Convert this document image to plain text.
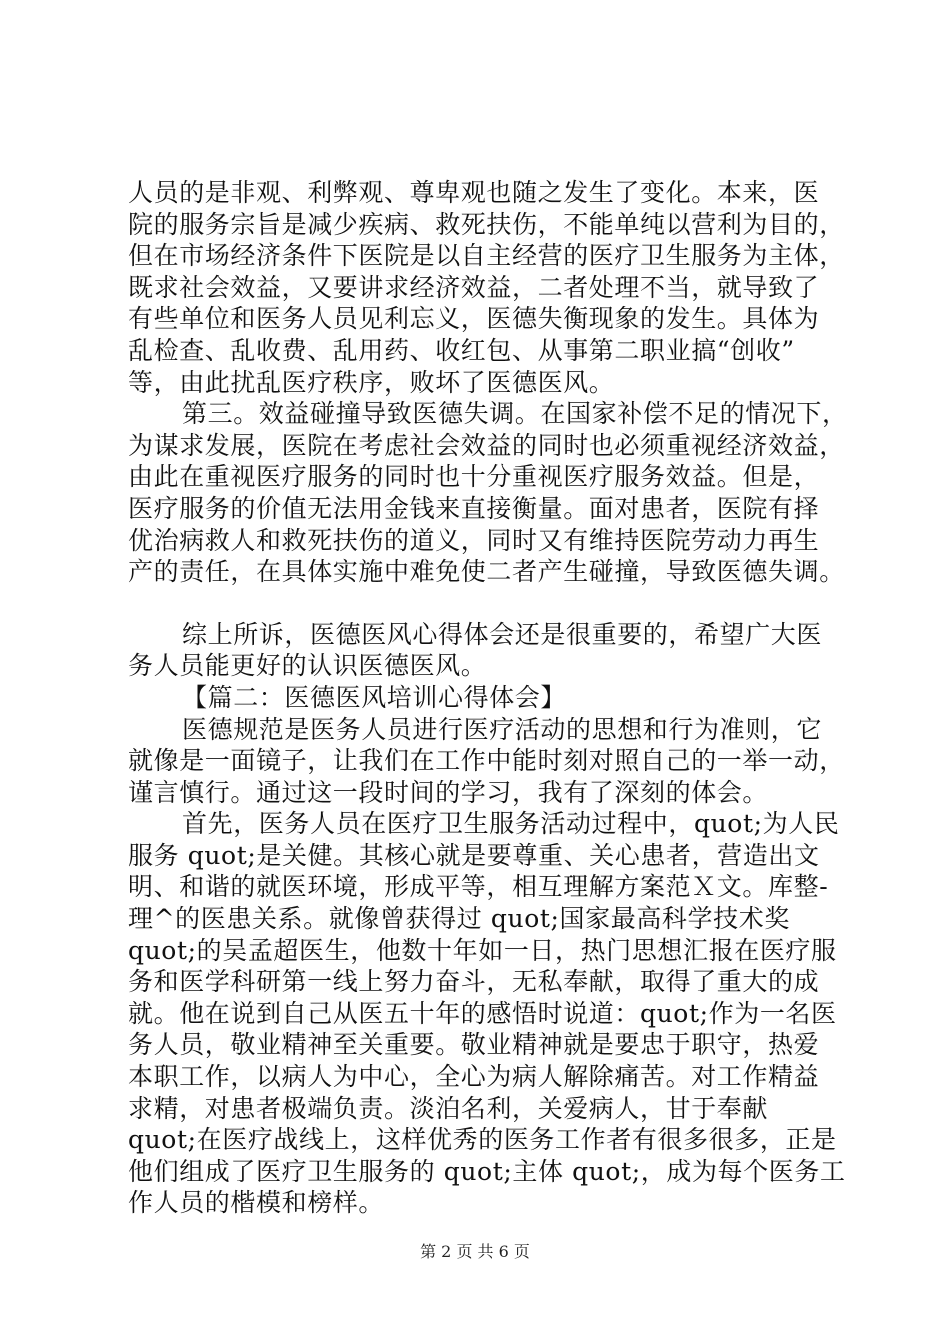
人员的是非观、利弊观、尊卑观也随之发生了变化。本来，医
院的服务宗旨是减少疾病、救死扶伤，不能单纯以营利为目的，
但在市场经济条件下医院是以自主经营的医疗卫生服务为主体，
既求社会效益，又要讲求经济效益，二者处理不当，就导致了
有些单位和医务人员见利忘义，医德失衡现象的发生。具体为
乱检查、乱收费、乱用药、收红包、从事第二职业搞“创收”
等，由此扰乱医疗秩序，败坏了医德医风。
第三。效益碰撞导致医德失调。在国家补偿不足的情况下，
为谋求发展，医院在考虑社会效益的同时也必须重视经济效益，
由此在重视医疗服务的同时也十分重视医疗服务效益。但是，
医疗服务的价值无法用金钱来直接衡量。面对患者，医院有择
优治病救人和救死扶伤的道义，同时又有维持医院劳动力再生
产的责任，在具体实施中难免使二者产生碰撞，导致医德失调。
综上所诉，医德医风心得体会还是很重要的，希望广大医
务人员能更好的认识医德医风。
【篇二：医德医风培训心得体会】
医德规范是医务人员进行医疗活动的思想和行为准则，它
就像是一面镜子，让我们在工作中能时刻对照自己的一举一动，
谨言慎行。通过这一段时间的学习，我有了深刻的体会。
首先，医务人员在医疗卫生服务活动过程中，quot;为人民
服务 quot;是关健。其核心就是要尊重、关心患者，营造出文
明、和谐的就医环境，形成平等，相互理解方案范Ｘ文。库整-
理^的医患关系。就像曾获得过 quot;国家最高科学技术奖
quot;的吴孟超医生，他数十年如一日，热门思想汇报在医疗服
务和医学科研第一线上努力奋斗，无私奉献，取得了重大的成
就。他在说到自己从医五十年的感悟时说道：quot;作为一名医
务人员，敬业精神至关重要。敬业精神就是要忠于职守，热爱
本职工作，以病人为中心，全心为病人解除痛苦。对工作精益
求精，对患者极端负责。淡泊名利，关爱病人，甘于奉献
quot;在医疗战线上，这样优秀的医务工作者有很多很多，正是
他们组成了医疗卫生服务的 quot;主体 quot;，成为每个医务工
作人员的楷模和榜样。
第 2 页 共 6 页
